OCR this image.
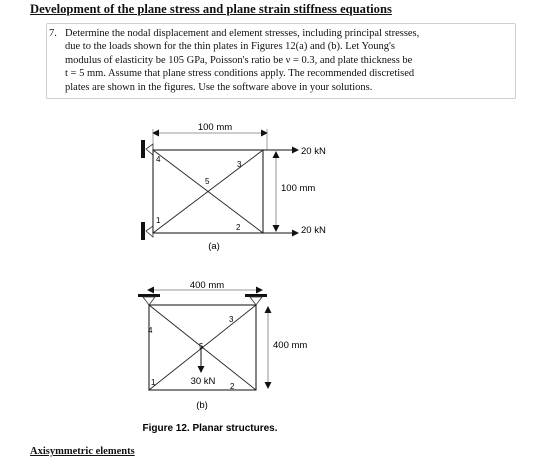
Development of the plane stress and plane strain stiffness equations
7. Determine the nodal displacement and element stresses, including principal stresses,
due to the loads shown for the thin plates in Figures 12(a) and (b). Let Young's
modulus of elasticity be 105 GPa, Poisson's ratio be ν = 0.3, and plate thickness be
t = 5 mm. Assume that plane stress conditions apply. The recommended discretised
plates are shown in the figures. Use the software above in your solutions.
100 mm
4
3
5
1
2
20 kN
20 kN
100 mm
(a)
400 mm
4
3
5
1	2
30 kN
400 mm
(b)
Figure 12. Planar structures.
Axisymmetric elements
